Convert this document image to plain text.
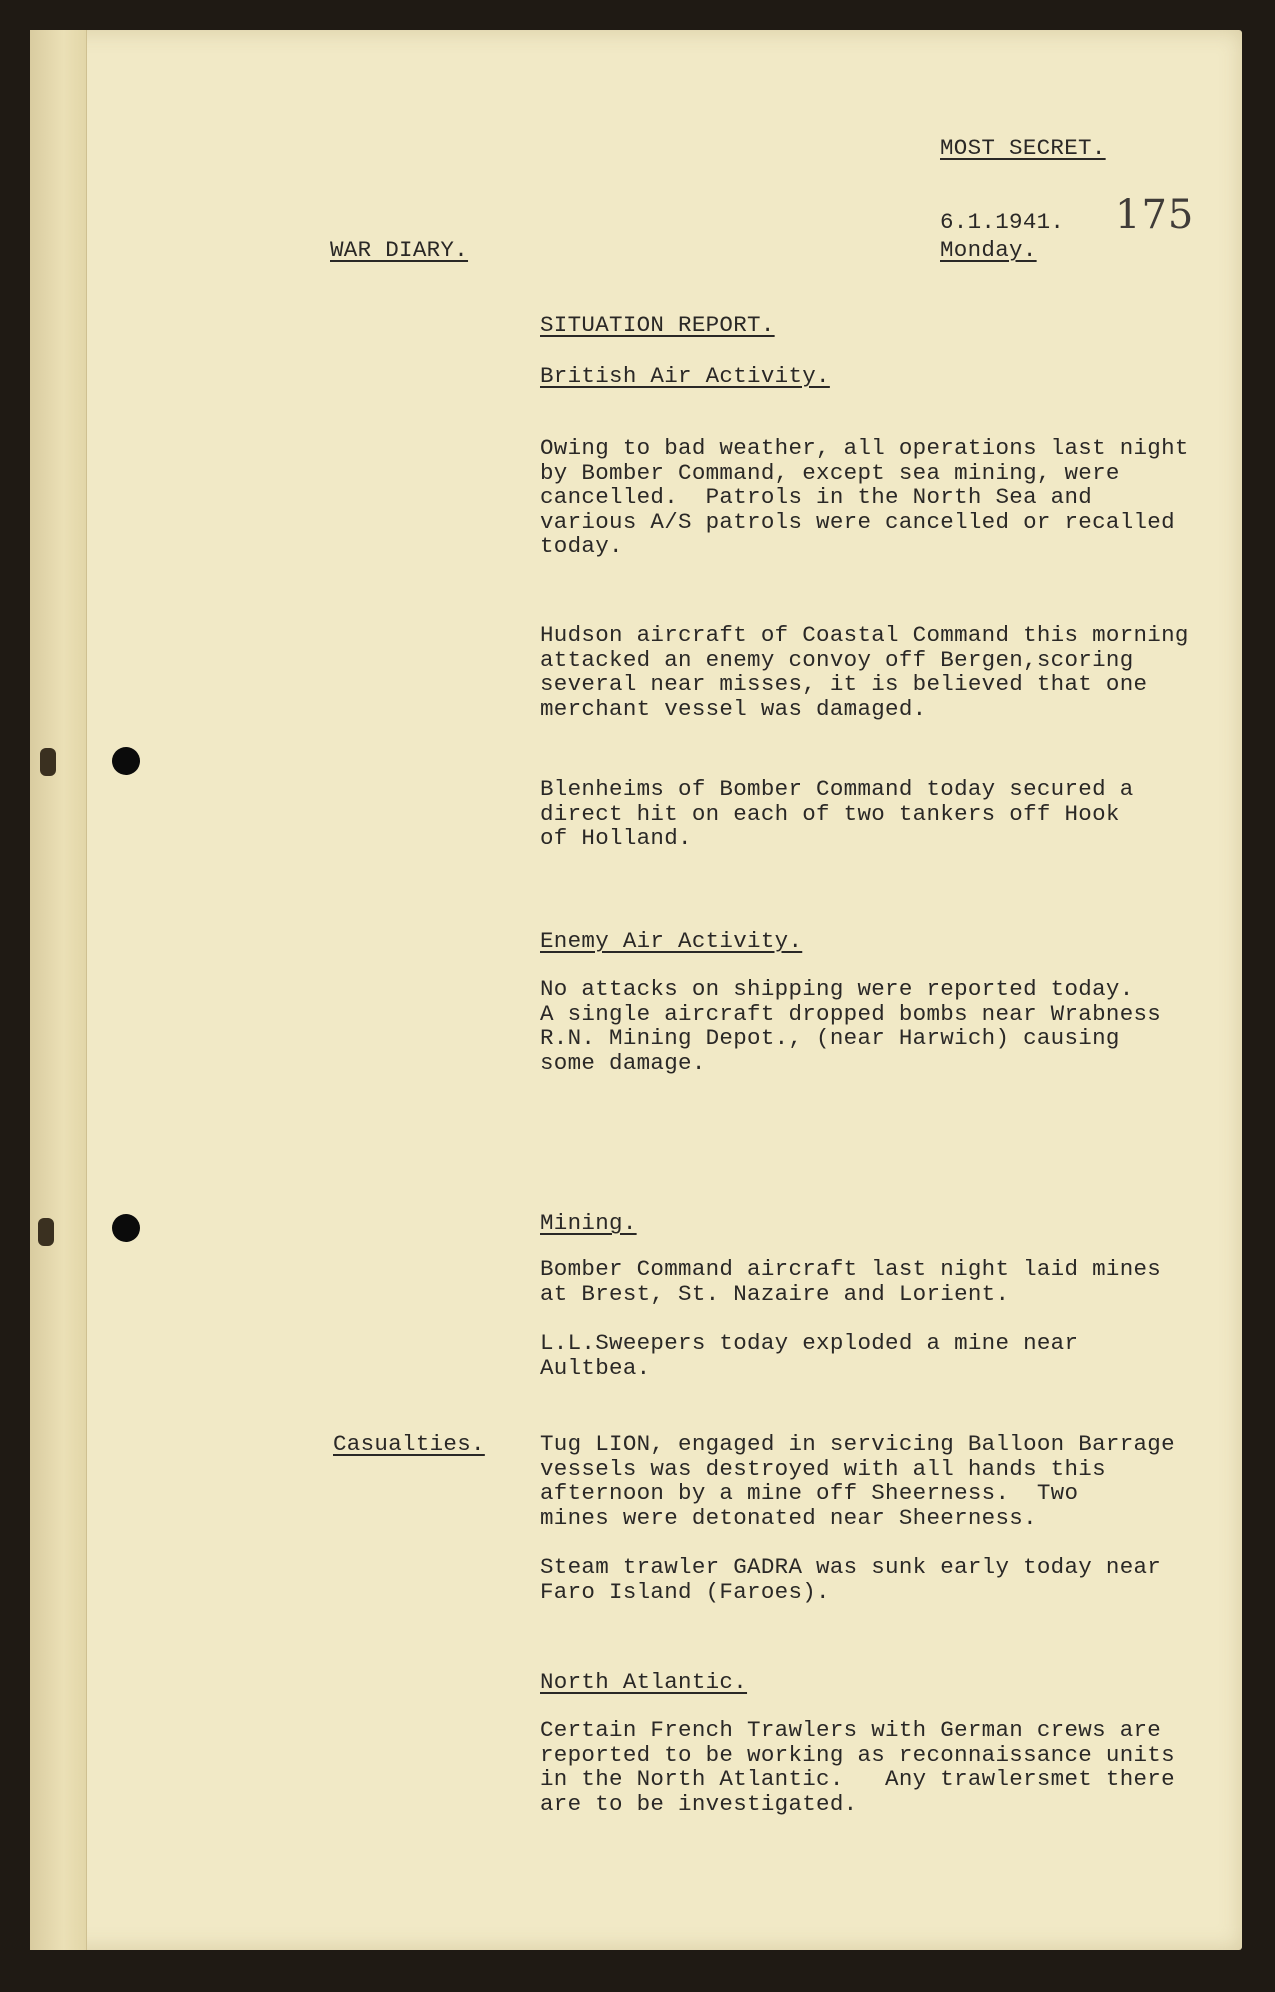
MOST SECRET.

6.1.1941.

Monday.

175

WAR DIARY.

SITUATION REPORT.

British Air Activity.

Owing to bad weather, all operations last night
by Bomber Command, except sea mining, were
cancelled.  Patrols in the North Sea and
various A/S patrols were cancelled or recalled
today.

Hudson aircraft of Coastal Command this morning
attacked an enemy convoy off Bergen,scoring
several near misses, it is believed that one
merchant vessel was damaged.

Blenheims of Bomber Command today secured a
direct hit on each of two tankers off Hook
of Holland.

Enemy Air Activity.

No attacks on shipping were reported today.
A single aircraft dropped bombs near Wrabness
R.N. Mining Depot., (near Harwich) causing
some damage.

Mining.

Bomber Command aircraft last night laid mines
at Brest, St. Nazaire and Lorient.

L.L.Sweepers today exploded a mine near
Aultbea.

Casualties. Tug LION, engaged in servicing Balloon Barrage
vessels was destroyed with all hands this
afternoon by a mine off Sheerness.  Two
mines were detonated near Sheerness.

Steam trawler GADRA was sunk early today near
Faro Island (Faroes).

North Atlantic.

Certain French Trawlers with German crews are
reported to be working as reconnaissance units
in the North Atlantic.   Any trawlersmet there
are to be investigated.
